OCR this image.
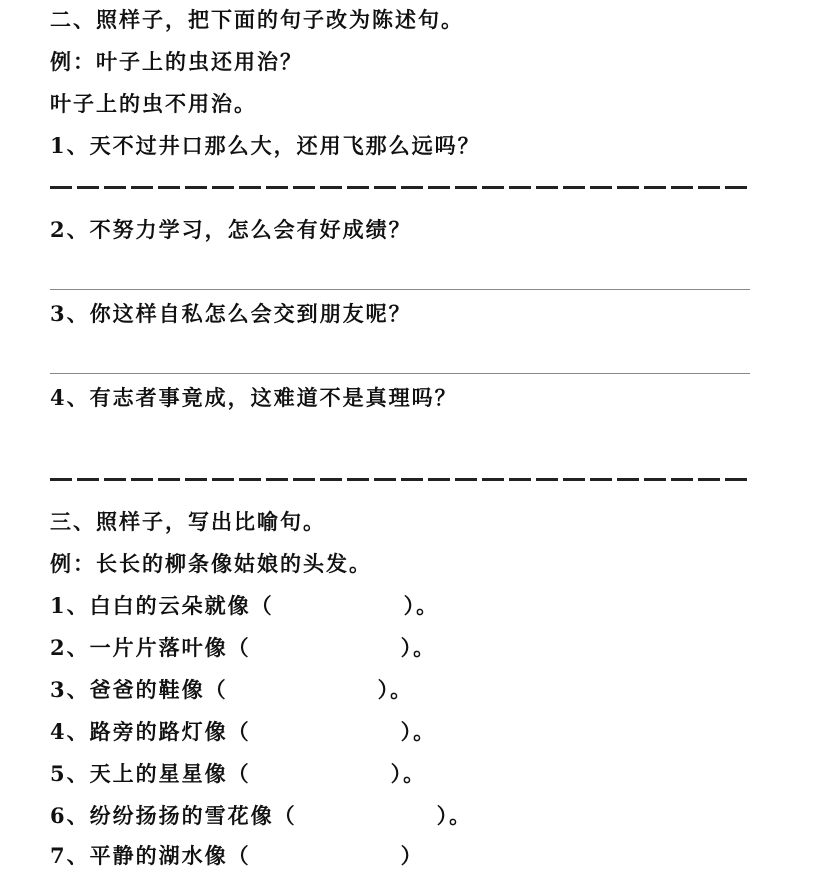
二、照样子，把下面的句子改为陈述句。
例：叶子上的虫还用治？
叶子上的虫不用治。
1、天不过井口那么大，还用飞那么远吗？
2、不努力学习，怎么会有好成绩？
3、你这样自私怎么会交到朋友呢？
4、有志者事竟成，这难道不是真理吗？
三、照样子，写出比喻句。
例：长长的柳条像姑娘的头发。
1、白白的云朵就像（	）。
2、一片片落叶像（	）。
3、爸爸的鞋像（	）。
4、路旁的路灯像（	）。
5、天上的星星像（	）。
6、纷纷扬扬的雪花像（	）。
7、平静的湖水像（	）
